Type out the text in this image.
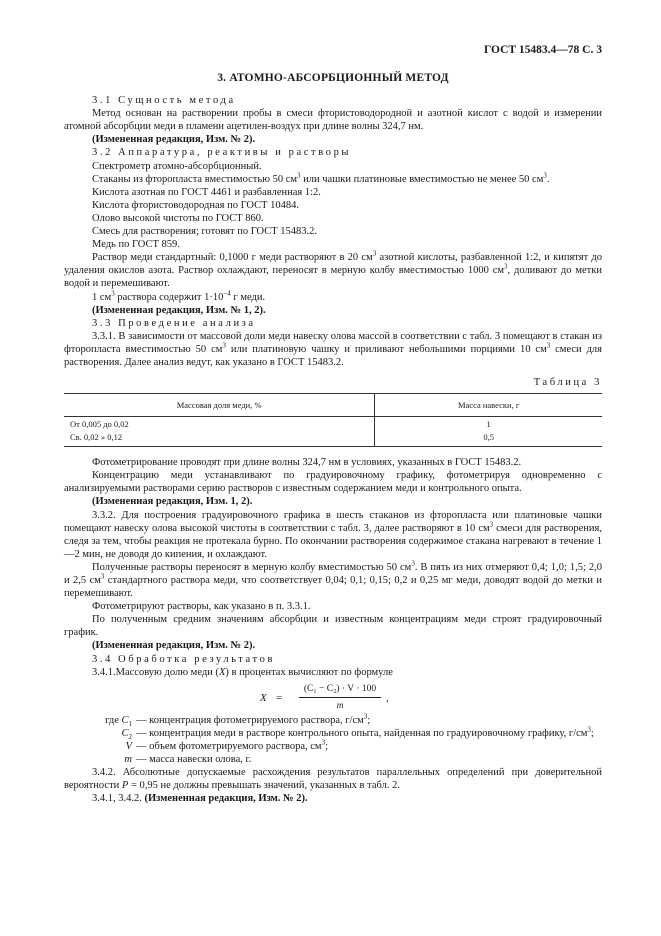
ГОСТ 15483.4—78 С. 3
3. АТОМНО-АБСОРБЦИОННЫЙ МЕТОД
3.1 Сущность метода
Метод основан на растворении пробы в смеси фтористоводородной и азотной кислот с водой и измерении атомной абсорбции меди в пламени ацетилен-воздух при длине волны 324,7 нм.
(Измененная редакция, Изм. № 2).
3.2 Аппаратура, реактивы и растворы
Спектрометр атомно-абсорбционный.
Стаканы из фторопласта вместимостью 50 $см^3$ или чашки платиновые вместимостью не менее 50 $см^3$.
Кислота азотная по ГОСТ 4461 и разбавленная 1:2.
Кислота фтористоводородная по ГОСТ 10484.
Олово высокой чистоты по ГОСТ 860.
Смесь для растворения; готовят по ГОСТ 15483.2.
Медь по ГОСТ 859.
Раствор меди стандартный: 0,1000 г меди растворяют в 20 $см^3$ азотной кислоты, разбавленной 1:2, и кипятят до удаления окислов азота. Раствор охлаждают, переносят в мерную колбу вместимостью 1000 $см^3$, доливают до метки водой и перемешивают.
1 $см^3$ раствора содержит $1\cdot 10^{-4}$ г меди.
(Измененная редакция, Изм. № 1, 2).
3.3 Проведение анализа
3.3.1. В зависимости от массовой доли меди навеску олова массой в соответствии с табл. 3 помещают в стакан из фторопласта вместимостью 50 $см^3$ или платиновую чашку и приливают небольшими порциями 10 $см^3$ смеси для растворения. Далее анализ ведут, как указано в ГОСТ 15483.2.
Таблица 3
Массовая доля меди, %	Масса навески, г
От 0,005 до 0,02	1
Св. 0,02 » 0,12	0,5
Фотометрирование проводят при длине волны 324,7 нм в условиях, указанных в ГОСТ 15483.2.
Концентрацию меди устанавливают по градуировочному графику, фотометрируя одновременно с анализируемыми растворами серию растворов с известным содержанием меди и контрольного опыта.
(Измененная редакция, Изм. 1, 2).
3.3.2. Для построения градуировочного графика в шесть стаканов из фторопласта или платиновые чашки помещают навеску олова высокой чистоты в соответствии с табл. 3, далее растворяют в 10 $см^3$ смеси для растворения, следя за тем, чтобы реакция не протекала бурно. По окончании растворения содержимое стакана нагревают в течение 1—2 мин, не доводя до кипения, и охлаждают.
Полученные растворы переносят в мерную колбу вместимостью 50 $см^3$. В пять из них отмеряют 0,4; 1,0; 1,5; 2,0 и 2,5 $см^3$ стандартного раствора меди, что соответствует 0,04; 0,1; 0,15; 0,2 и 0,25 мг меди, доводят водой до метки и перемешивают.
Фотометрируют растворы, как указано в п. 3.3.1.
По полученным средним значениям абсорбции и известным концентрациям меди строят градуировочный график.
(Измененная редакция, Изм. № 2).
3.4 Обработка результатов
3.4.1.Массовую долю меди (X) в процентах вычисляют по формуле
X =
(C₁ − C₂) · V · 100
m
,
где $C_1$ — концентрация фотометрируемого раствора, $г/см^3$;
$C_2$ — концентрация меди в растворе контрольного опыта, найденная по градуировочному графику, $г/см^3$;
V — объем фотометрируемого раствора, $см^3$;
m — масса навески олова, г.
3.4.2. Абсолютные допускаемые расхождения результатов параллельных определений при доверительной вероятности P = 0,95 не должны превышать значений, указанных в табл. 2.
3.4.1, 3.4.2. (Измененная редакция, Изм. № 2).
